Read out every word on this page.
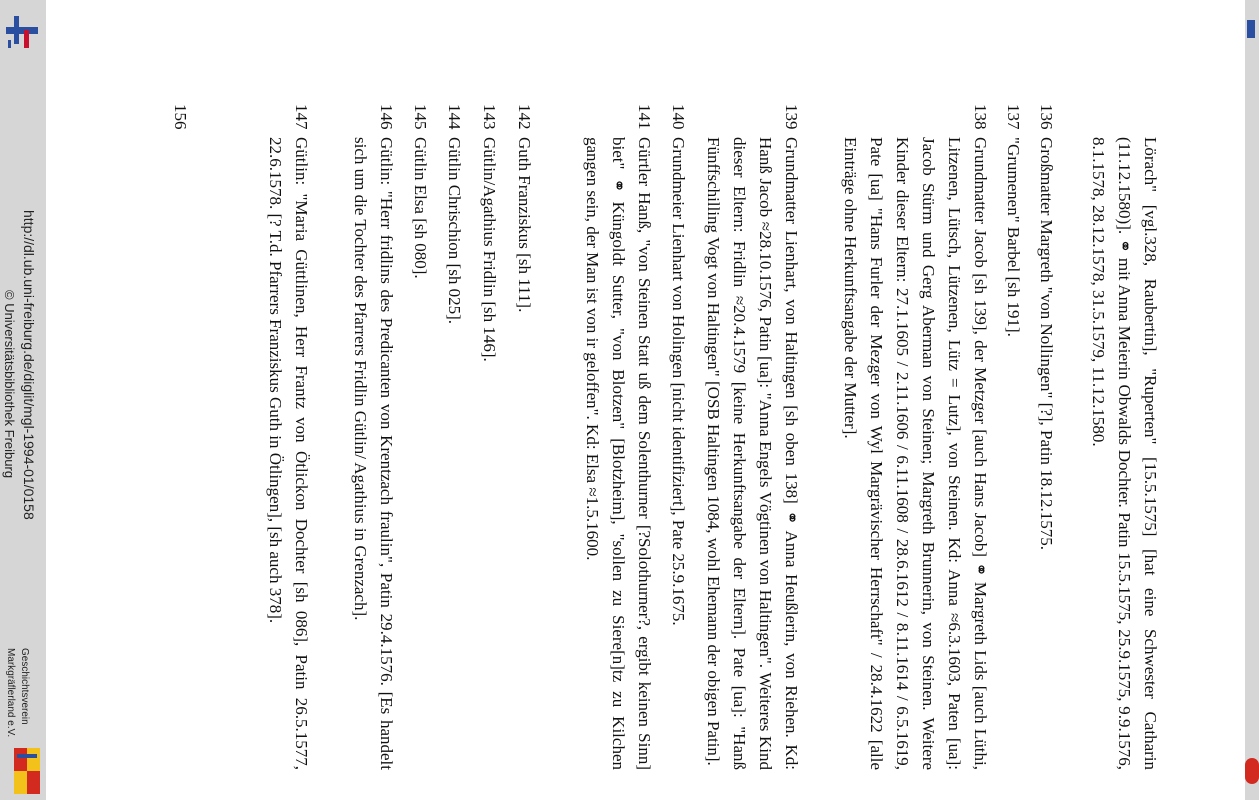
Lörach" [vgl.328, Raubertin], "Ruperten" [15.5.1575] [hat eine Schwester Catharin (11.12.1580)]. ⚭ mit Anna Meierin Obwalds Dochter. Patin 15.5.1575, 25.9.1575, 9.9.1576, 8.1.1578, 28.12.1578, 31.5.1579, 11.12.1580.
136
Großmatter Margreth "von Nollingen" [?], Patin 18.12.1575.
137
"Grumenen" Barbel [sh 191].
138
Grundmatter Jacob [sh 139], der Metzger [auch Hans Jacob] ⚭ Margreth Lids [auch Lüthi, Litzenen, Lütsch, Lützenen, Lütz = Lutz], von Steinen. Kd: Anna ≈6.3.1603, Paten [ua]: Jacob Stürm und Gerg Aberman von Steinen; Margreth Brunnerin, von Steinen. Weitere Kinder dieser Eltern: 27.1.1605 / 2.11.1606 / 6.11.1608 / 28.6.1612 / 8.11.1614 / 6.5.1619, Pate [ua] "Hans Furler der Mezger von Wyl Margrävischer Herrschaft" / 28.4.1622 [alle Einträge ohne Herkunftsangabe der Mutter].
139
Grundmatter Lienhart, von Haltingen [sh oben 138] ⚭ Anna Heußlerin, von Riehen. Kd: Hanß Jacob ≈28.10.1576, Patin [ua]: "Anna Engels Vögtinen von Haltingen". Weiteres Kind dieser Eltern: Fridlin ≈20.4.1579 [keine Herkunftsangabe der Eltern]. Pate [ua]: "Hanß Fünffschilling Vogt von Haltingen" [OSB Haltingen 1084, wohl Ehemann der obigen Patin].
140
Grundmeier Lienhart von Holingen [nicht identifiziert], Pate 25.9.1675.
141
Gürtler Hanß, "von Steinen Statt uß dem Solenthurner [?Solothurner?, ergibt keinen Sinn] biet" ⚭ Küngoldt Sutter, "von Blotzen" [Blotzheim], "sollen zu Siere[n]tz zu Kilchen gangen sein, der Man ist von ir geloffen". Kd: Elsa ≈1.5.1600.
142
Guth Franziskus [sh 111].
143
Gütlin/Agathius Fridlin [sh 146].
144
Gütlin Chrischion [sh 025].
145
Gütlin Elsa [sh 080].
146
Gütlin: "Herr fridlins des Predicanten von Krentzach fraulin", Patin 29.4.1576. [Es handelt sich um die Tochter des Pfarrers Fridlin Gütlin/ Agathius in Grenzach].
147
Gütlin: "Maria Güttlinen, Herr Frantz von Ötlickon Dochter [sh 086], Patin 26.5.1577, 22.6.1578. [? T.d. Pfarrers Franziskus Guth in Ötlingen], [sh auch 378].
156
http://dl.ub.uni-freiburg.de/diglit/mgl-1994-01/0158
© Universitätsbibliothek Freiburg
Geschichtsverein
Markgräflerland e.V.
